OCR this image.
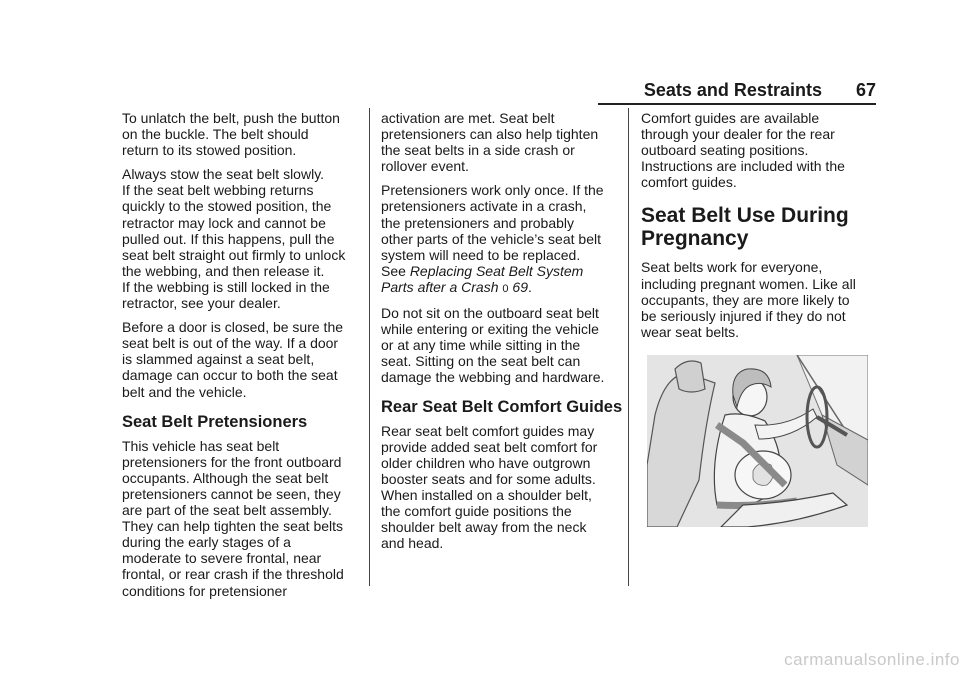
Seats and Restraints 67
To unlatch the belt, push the button
on the buckle. The belt should
return to its stowed position.
Always stow the seat belt slowly.
If the seat belt webbing returns
quickly to the stowed position, the
retractor may lock and cannot be
pulled out. If this happens, pull the
seat belt straight out firmly to unlock
the webbing, and then release it.
If the webbing is still locked in the
retractor, see your dealer.
Before a door is closed, be sure the
seat belt is out of the way. If a door
is slammed against a seat belt,
damage can occur to both the seat
belt and the vehicle.
Seat Belt Pretensioners
This vehicle has seat belt
pretensioners for the front outboard
occupants. Although the seat belt
pretensioners cannot be seen, they
are part of the seat belt assembly.
They can help tighten the seat belts
during the early stages of a
moderate to severe frontal, near
frontal, or rear crash if the threshold
conditions for pretensioner
activation are met. Seat belt
pretensioners can also help tighten
the seat belts in a side crash or
rollover event.
Pretensioners work only once. If the
pretensioners activate in a crash,
the pretensioners and probably
other parts of the vehicle’s seat belt
system will need to be replaced.
See Replacing Seat Belt System
Parts after a Crash 0 69.
Do not sit on the outboard seat belt
while entering or exiting the vehicle
or at any time while sitting in the
seat. Sitting on the seat belt can
damage the webbing and hardware.
Rear Seat Belt Comfort Guides
Rear seat belt comfort guides may
provide added seat belt comfort for
older children who have outgrown
booster seats and for some adults.
When installed on a shoulder belt,
the comfort guide positions the
shoulder belt away from the neck
and head.
Comfort guides are available
through your dealer for the rear
outboard seating positions.
Instructions are included with the
comfort guides.
Seat Belt Use During
Pregnancy
Seat belts work for everyone,
including pregnant women. Like all
occupants, they are more likely to
be seriously injured if they do not
wear seat belts.
carmanualsonline.info
